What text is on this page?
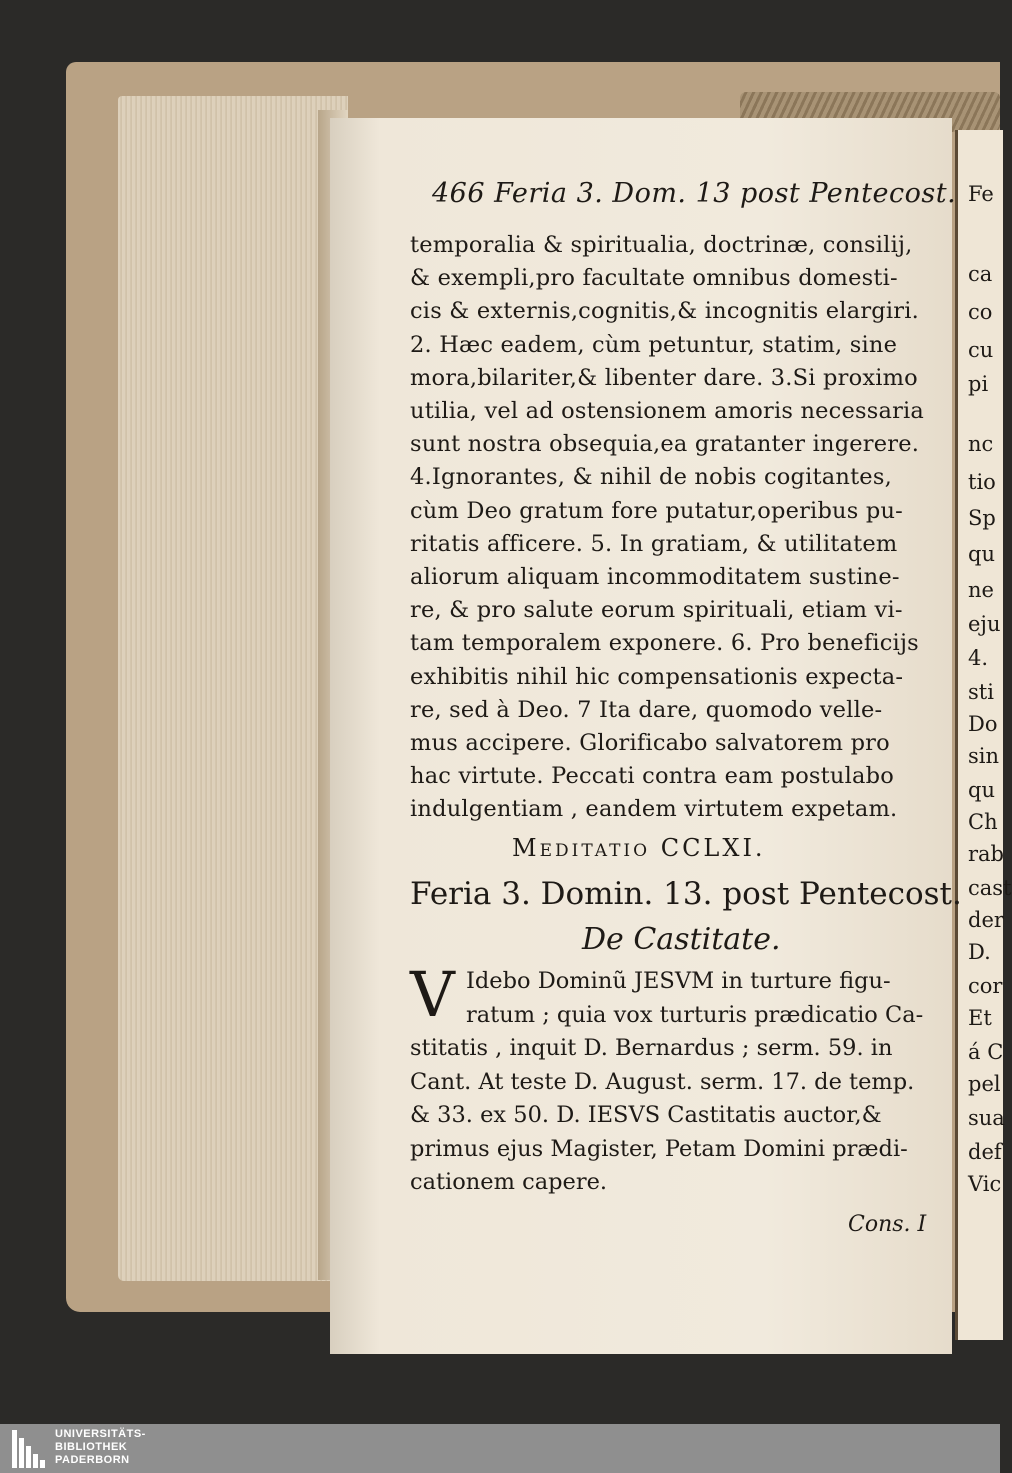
466 Feria 3. Dom. 13 post Pentecost.
temporalia & spiritualia, doctrinæ, consilij,
& exempli,pro facultate omnibus domesti-
cis & externis,cognitis,& incognitis elargiri.
2. Hæc eadem, cùm petuntur, statim, sine
mora,bilariter,& libenter dare. 3.Si proximo
utilia, vel ad ostensionem amoris necessaria
sunt nostra obsequia,ea gratanter ingerere.
4.Ignorantes, & nihil de nobis cogitantes,
cùm Deo gratum fore putatur,operibus pu-
ritatis afficere. 5. In gratiam, & utilitatem
aliorum aliquam incommoditatem sustine-
re, & pro salute eorum spirituali, etiam vi-
tam temporalem exponere. 6. Pro beneficijs
exhibitis nihil hic compensationis expecta-
re, sed à Deo. 7 Ita dare, quomodo velle-
mus accipere. Glorificabo salvatorem pro
hac virtute. Peccati contra eam postulabo
indulgentiam , eandem virtutem expetam.
Meditatio CCLXI.
Feria 3. Domin. 13. post Pentecost.
De Castitate.
V Idebo Dominũ JESVM in turture figu-
ratum ; quia vox turturis prædicatio Ca-
stitatis , inquit D. Bernardus ; serm. 59. in
Cant. At teste D. August. serm. 17. de temp.
& 33. ex 50. D. IESVS Castitatis auctor,&
primus ejus Magister, Petam Domini prædi-
cationem capere.
Cons. I
Fe
ca
co
cu
pi
nc
tio
Sp
qu
ne
eju
4.
sti
Do
sin
qu
Ch
rab
cast
der
D.
cor
Et
á C
pel
sua
def
Vic
UNIVERSITÄTS-
BIBLIOTHEK
PADERBORN
